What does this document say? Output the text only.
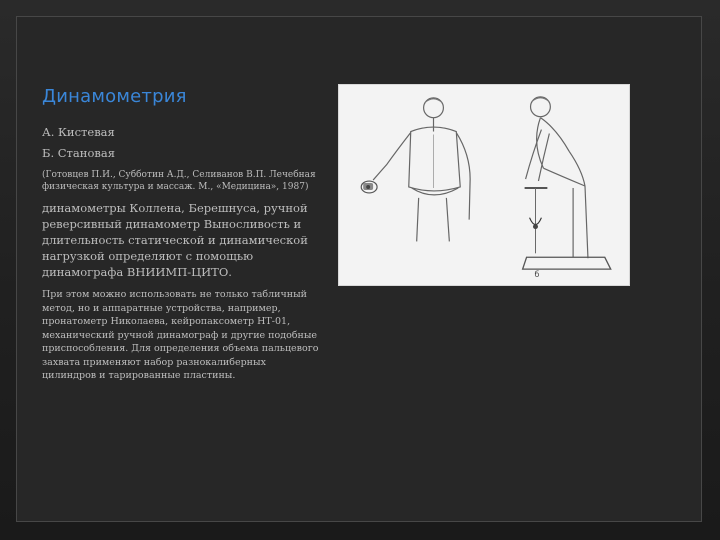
Динамометрия

А. Кистевая

Б. Становая

(Готовцев П.И., Субботин А.Д., Селиванов В.П. Лечебная физическая культура и массаж. М., «Медицина», 1987)

динамометры Коллена, Берешнуса, ручной реверсивный динамометр Выносливость и длительность статической и динамической нагрузкой определяют с помощью динамографа ВНИИМП-ЦИТО.

При этом можно использовать не только табличный метод, но и аппаратные устройства, например, пронатометр Николаева, кейропаксометр НТ-01, механический ручной динамограф и другие подобные приспособления. Для определения объема пальцевого захвата применяют набор разнокалиберных цилиндров и тарированные пластины.

б
